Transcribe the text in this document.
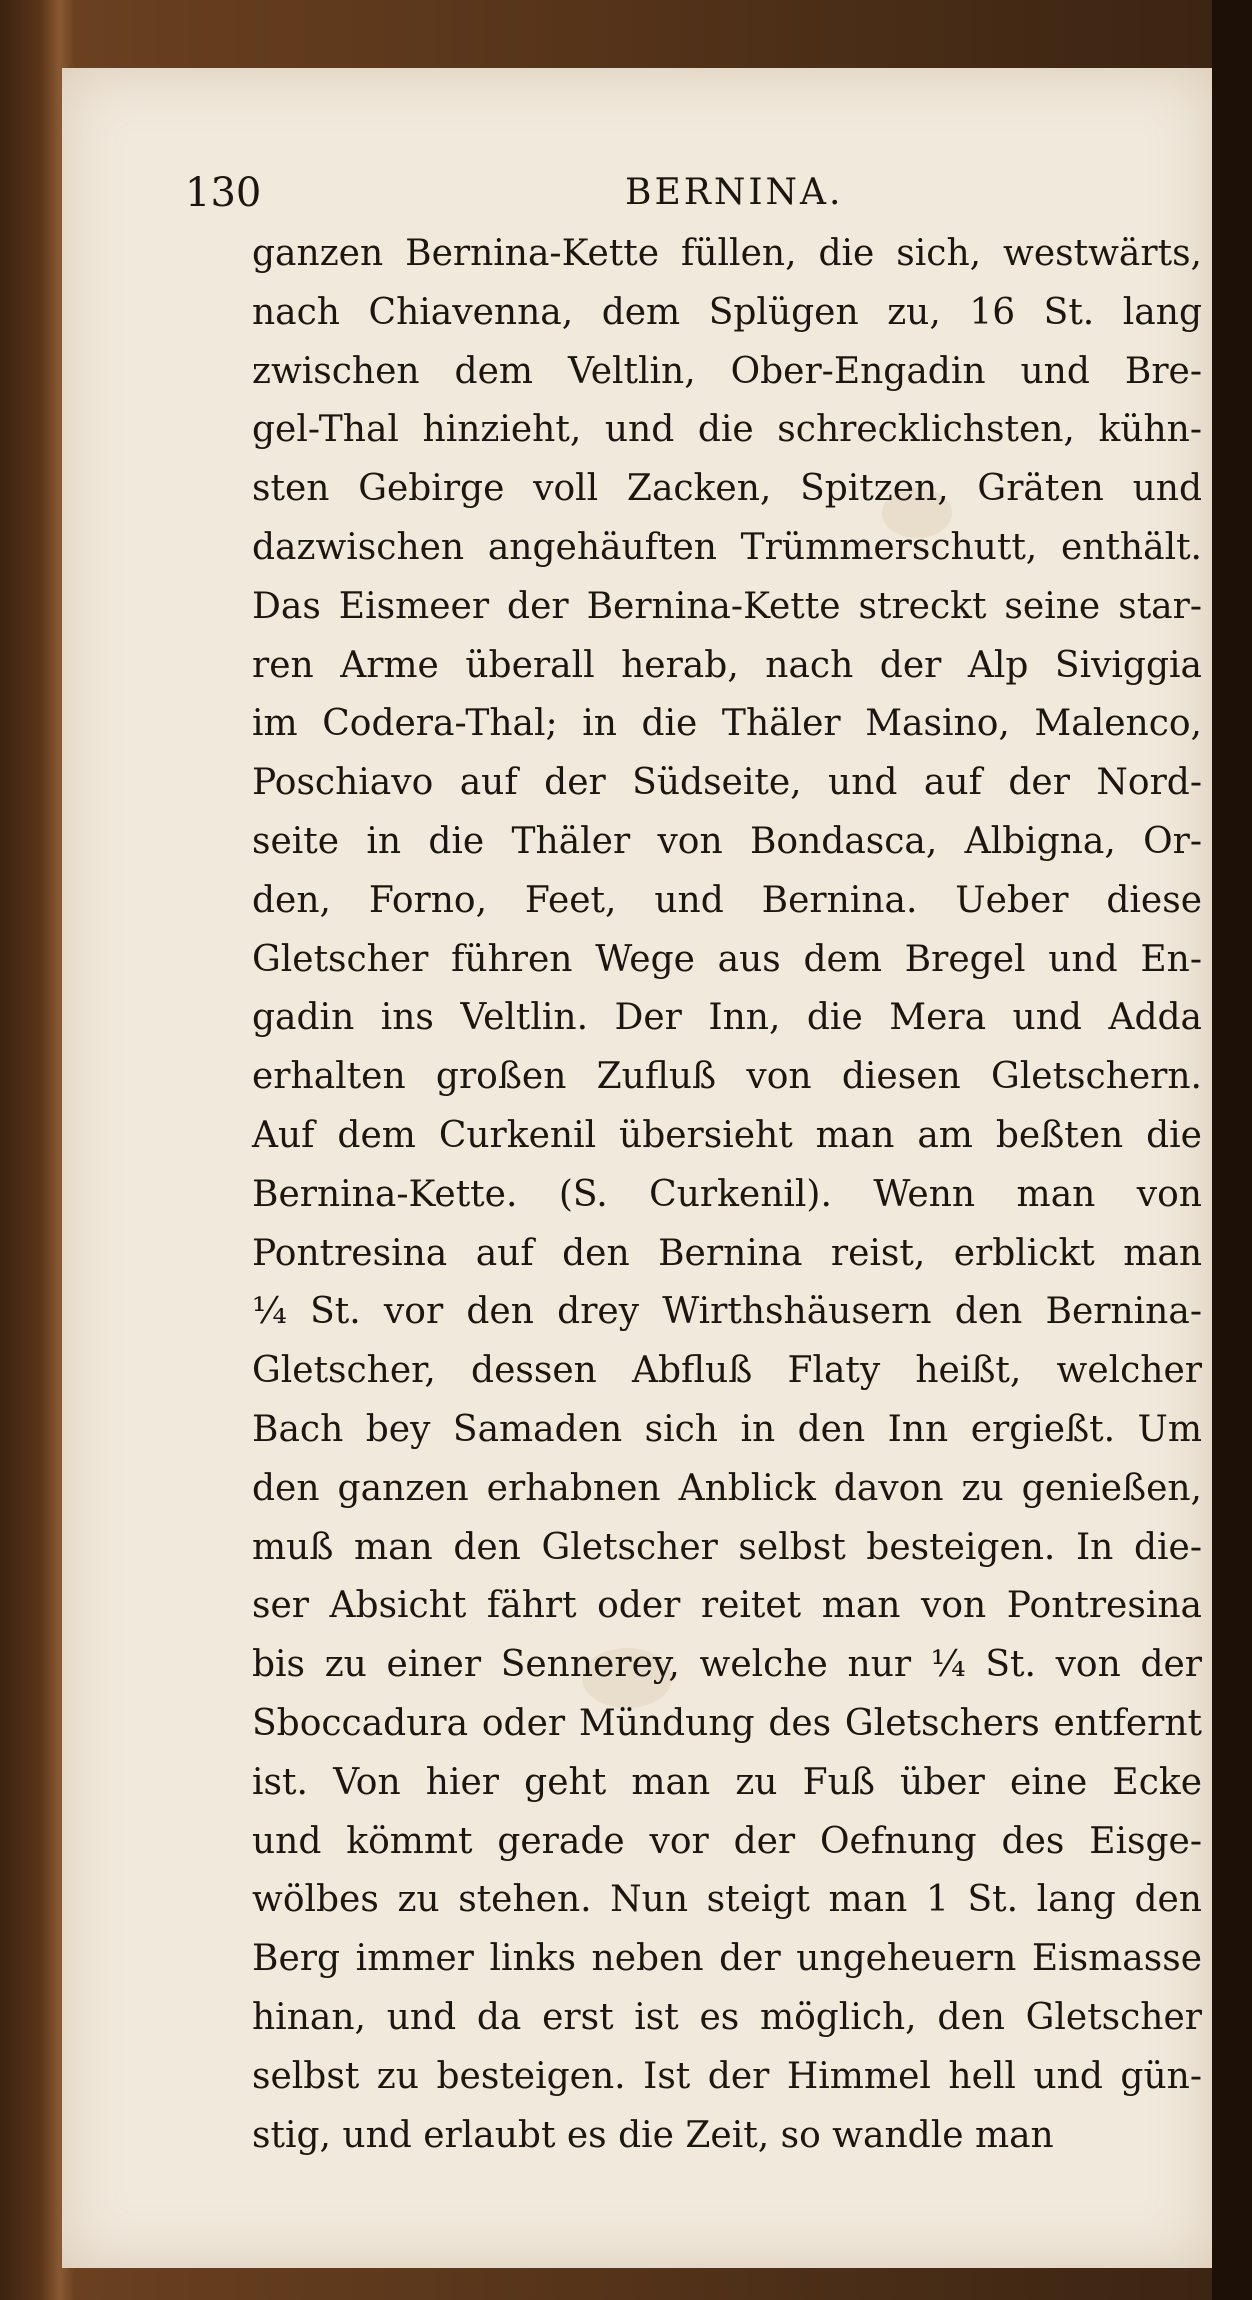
130	BERNINA.
ganzen Bernina-Kette füllen, die sich, westwärts,
nach Chiavenna, dem Splügen zu, 16 St. lang
zwischen dem Veltlin, Ober-Engadin und Bre-
gel-Thal hinzieht, und die schrecklichsten, kühn-
sten Gebirge voll Zacken, Spitzen, Gräten und
dazwischen angehäuften Trümmerschutt, enthält.
Das Eismeer der Bernina-Kette streckt seine star-
ren Arme überall herab, nach der Alp Siviggia
im Codera-Thal; in die Thäler Masino, Malenco,
Poschiavo auf der Südseite, und auf der Nord-
seite in die Thäler von Bondasca, Albigna, Or-
den, Forno, Feet, und Bernina. Ueber diese
Gletscher führen Wege aus dem Bregel und En-
gadin ins Veltlin. Der Inn, die Mera und Adda
erhalten großen Zufluß von diesen Gletschern.
Auf dem Curkenil übersieht man am beßten die
Bernina-Kette. (S. Curkenil). Wenn man von
Pontresina auf den Bernina reist, erblickt man
¼ St. vor den drey Wirthshäusern den Bernina-
Gletscher, dessen Abfluß Flaty heißt, welcher
Bach bey Samaden sich in den Inn ergießt. Um
den ganzen erhabnen Anblick davon zu genießen,
muß man den Gletscher selbst besteigen. In die-
ser Absicht fährt oder reitet man von Pontresina
bis zu einer Sennerey, welche nur ¼ St. von der
Sboccadura oder Mündung des Gletschers entfernt
ist. Von hier geht man zu Fuß über eine Ecke
und kömmt gerade vor der Oefnung des Eisge-
wölbes zu stehen. Nun steigt man 1 St. lang den
Berg immer links neben der ungeheuern Eismasse
hinan, und da erst ist es möglich, den Gletscher
selbst zu besteigen. Ist der Himmel hell und gün-
stig, und erlaubt es die Zeit, so wandle man
